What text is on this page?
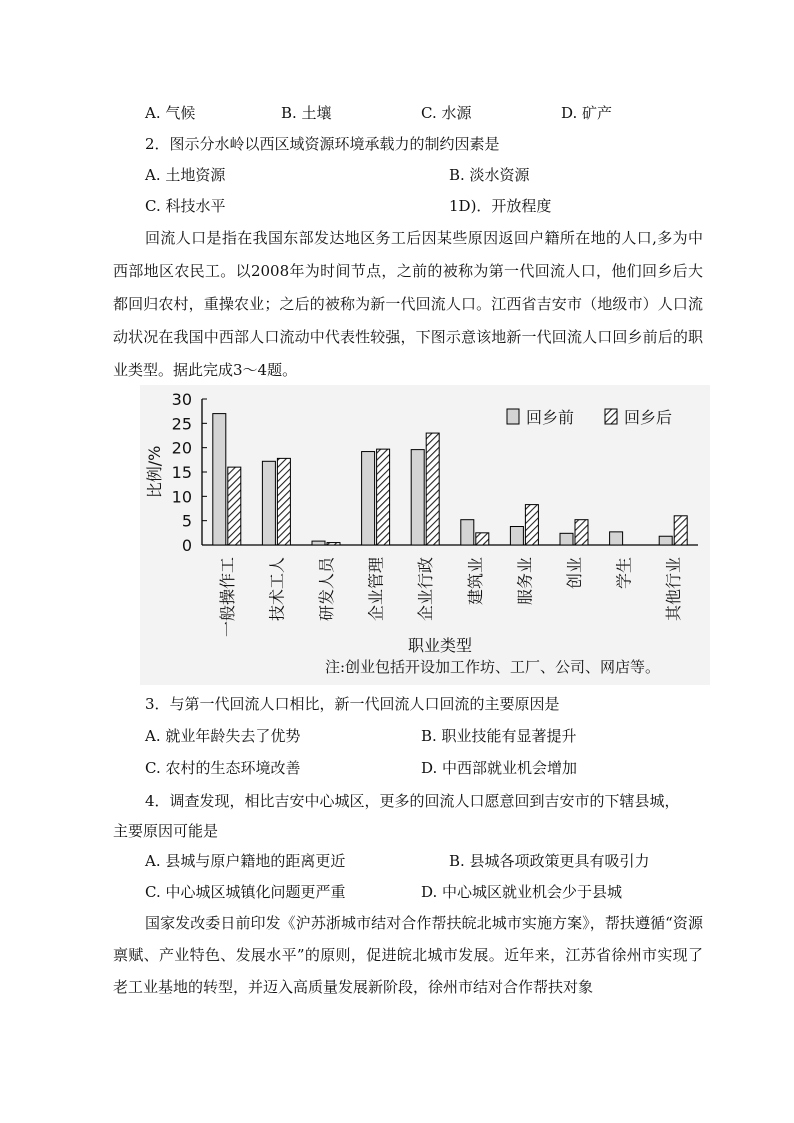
A. 气候	B. 土壤	C. 水源	D. 矿产
2．图示分水岭以西区域资源环境承载力的制约因素是
A. 土地资源	B. 淡水资源
C. 科技水平	1D)．开放程度
回流人口是指在我国东部发达地区务工后因某些原因返回户籍所在地的人口,多为中西部地区农民工。以2008年为时间节点，之前的被称为第一代回流人口，他们回乡后大都回归农村，重操农业；之后的被称为新一代回流人口。江西省吉安市（地级市）人口流动状况在我国中西部人口流动中代表性较强，下图示意该地新一代回流人口回乡前后的职业类型。据此完成3～4题。
0
5
10
15
20
25
30
比例/%
一般操作工 技术工人 研发人员 企业管理 企业行政 建筑业 服务业 创业 学生 其他行业
职业类型
回乡前	回乡后
注:创业包括开设加工作坊、工厂、公司、网店等。
3．与第一代回流人口相比，新一代回流人口回流的主要原因是
A. 就业年龄失去了优势	B. 职业技能有显著提升
C. 农村的生态环境改善	D. 中西部就业机会增加
4．调查发现，相比吉安中心城区，更多的回流人口愿意回到吉安市的下辖县城，
主要原因可能是
A. 县城与原户籍地的距离更近	B. 县城各项政策更具有吸引力
C. 中心城区城镇化问题更严重	D. 中心城区就业机会少于县城
国家发改委日前印发《沪苏浙城市结对合作帮扶皖北城市实施方案》，帮扶遵循“资源禀赋、产业特色、发展水平”的原则，促进皖北城市发展。近年来，江苏省徐州市实现了老工业基地的转型，并迈入高质量发展新阶段，徐州市结对合作帮扶对象
